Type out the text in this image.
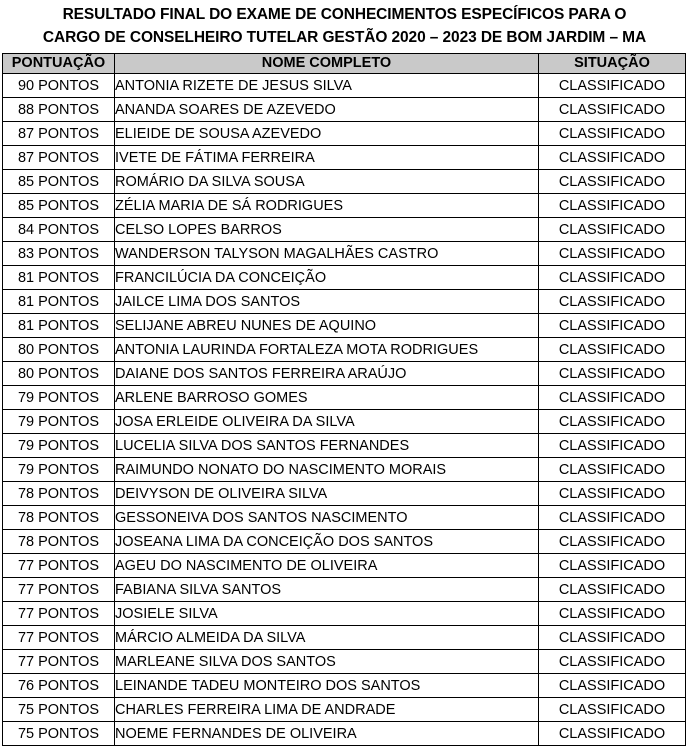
RESULTADO FINAL DO EXAME DE CONHECIMENTOS ESPECÍFICOS PARA O
CARGO DE CONSELHEIRO TUTELAR GESTÃO 2020 – 2023 DE BOM JARDIM – MA
PONTUAÇÃO	NOME COMPLETO	SITUAÇÃO
90 PONTOS	ANTONIA RIZETE DE JESUS SILVA	CLASSIFICADO
88 PONTOS	ANANDA SOARES DE AZEVEDO	CLASSIFICADO
87 PONTOS	ELIEIDE DE SOUSA AZEVEDO	CLASSIFICADO
87 PONTOS	IVETE DE FÁTIMA FERREIRA	CLASSIFICADO
85 PONTOS	ROMÁRIO DA SILVA SOUSA	CLASSIFICADO
85 PONTOS	ZÉLIA MARIA DE SÁ RODRIGUES	CLASSIFICADO
84 PONTOS	CELSO LOPES BARROS	CLASSIFICADO
83 PONTOS	WANDERSON TALYSON MAGALHÃES CASTRO	CLASSIFICADO
81 PONTOS	FRANCILÚCIA DA CONCEIÇÃO	CLASSIFICADO
81 PONTOS	JAILCE LIMA DOS SANTOS	CLASSIFICADO
81 PONTOS	SELIJANE ABREU NUNES DE AQUINO	CLASSIFICADO
80 PONTOS	ANTONIA LAURINDA FORTALEZA MOTA RODRIGUES	CLASSIFICADO
80 PONTOS	DAIANE DOS SANTOS FERREIRA ARAÚJO	CLASSIFICADO
79 PONTOS	ARLENE BARROSO GOMES	CLASSIFICADO
79 PONTOS	JOSA ERLEIDE OLIVEIRA DA SILVA	CLASSIFICADO
79 PONTOS	LUCELIA SILVA DOS SANTOS FERNANDES	CLASSIFICADO
79 PONTOS	RAIMUNDO NONATO DO NASCIMENTO MORAIS	CLASSIFICADO
78 PONTOS	DEIVYSON DE OLIVEIRA SILVA	CLASSIFICADO
78 PONTOS	GESSONEIVA DOS SANTOS NASCIMENTO	CLASSIFICADO
78 PONTOS	JOSEANA LIMA DA CONCEIÇÃO DOS SANTOS	CLASSIFICADO
77 PONTOS	AGEU DO NASCIMENTO DE OLIVEIRA	CLASSIFICADO
77 PONTOS	FABIANA SILVA SANTOS	CLASSIFICADO
77 PONTOS	JOSIELE SILVA	CLASSIFICADO
77 PONTOS	MÁRCIO ALMEIDA DA SILVA	CLASSIFICADO
77 PONTOS	MARLEANE SILVA DOS SANTOS	CLASSIFICADO
76 PONTOS	LEINANDE TADEU MONTEIRO DOS SANTOS	CLASSIFICADO
75 PONTOS	CHARLES FERREIRA LIMA DE ANDRADE	CLASSIFICADO
75 PONTOS	NOEME FERNANDES DE OLIVEIRA	CLASSIFICADO
